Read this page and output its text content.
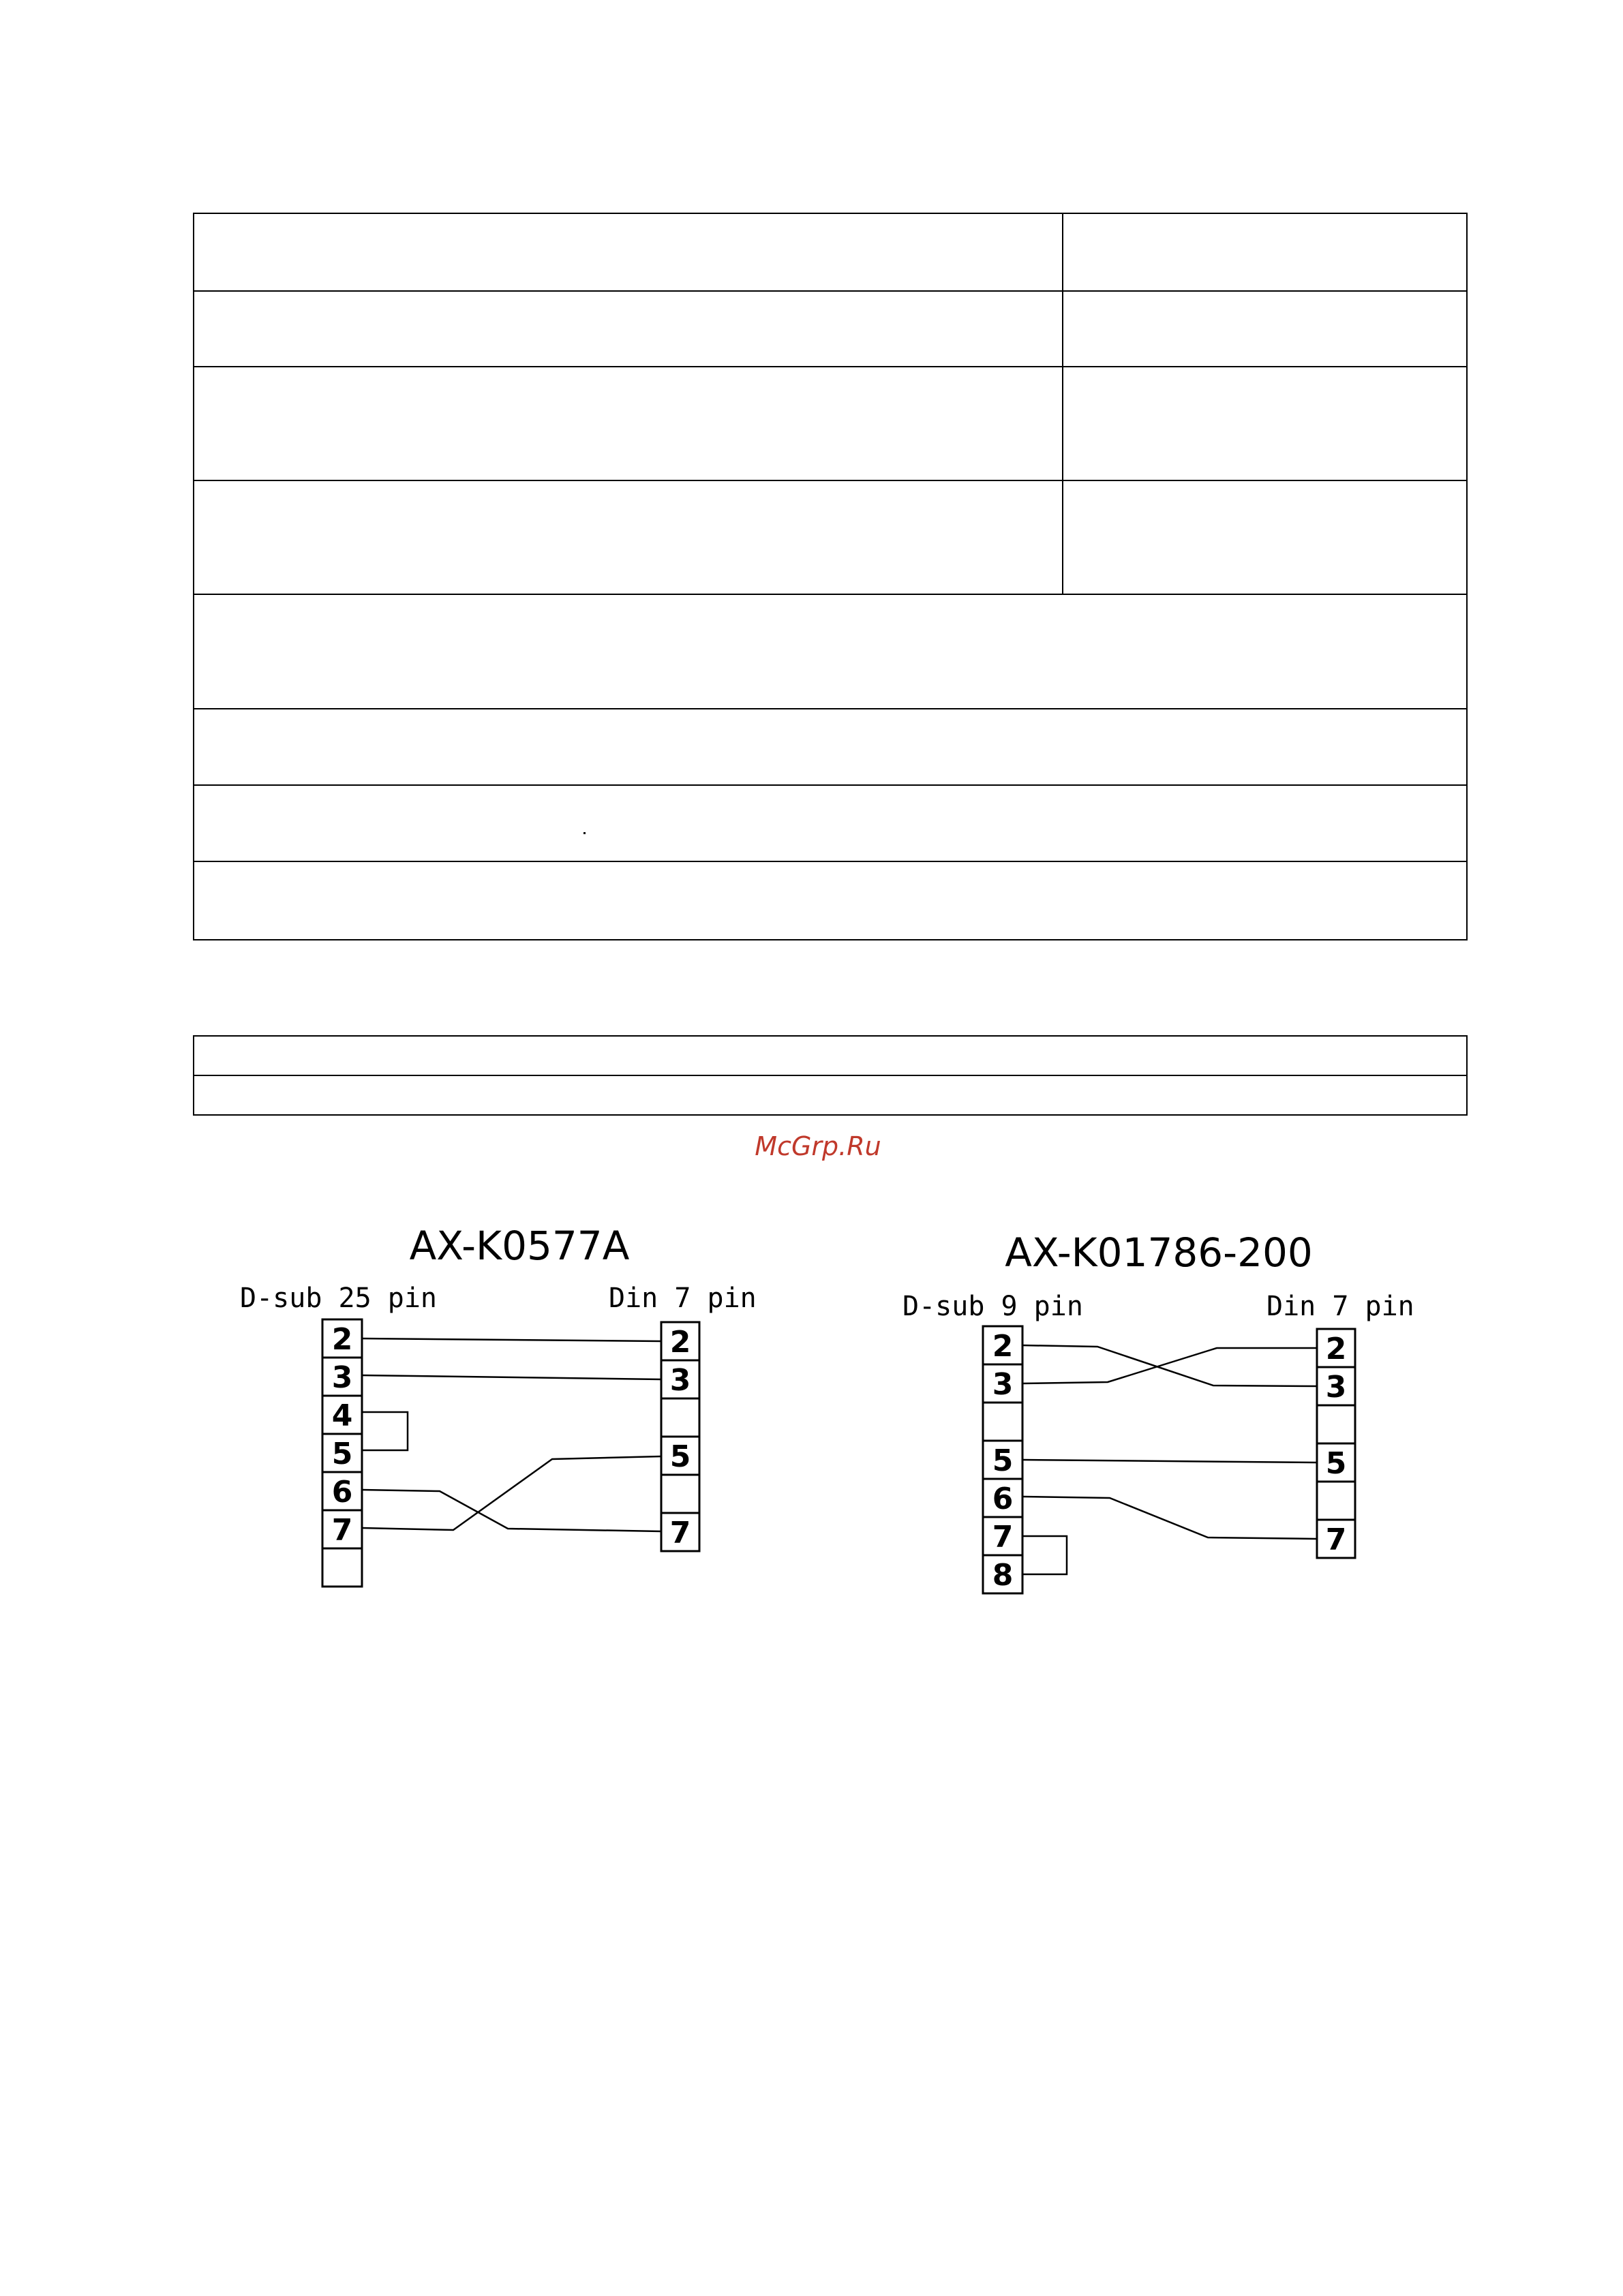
McGrp.Ru
AX-K0577A
D-sub 25 pin	Din 7 pin
2
3
4
5
6
7
2
3
5
7
AX-K01786-200
D-sub 9 pin	Din 7 pin
2
3
5
6
7
8
2
3
5
7
